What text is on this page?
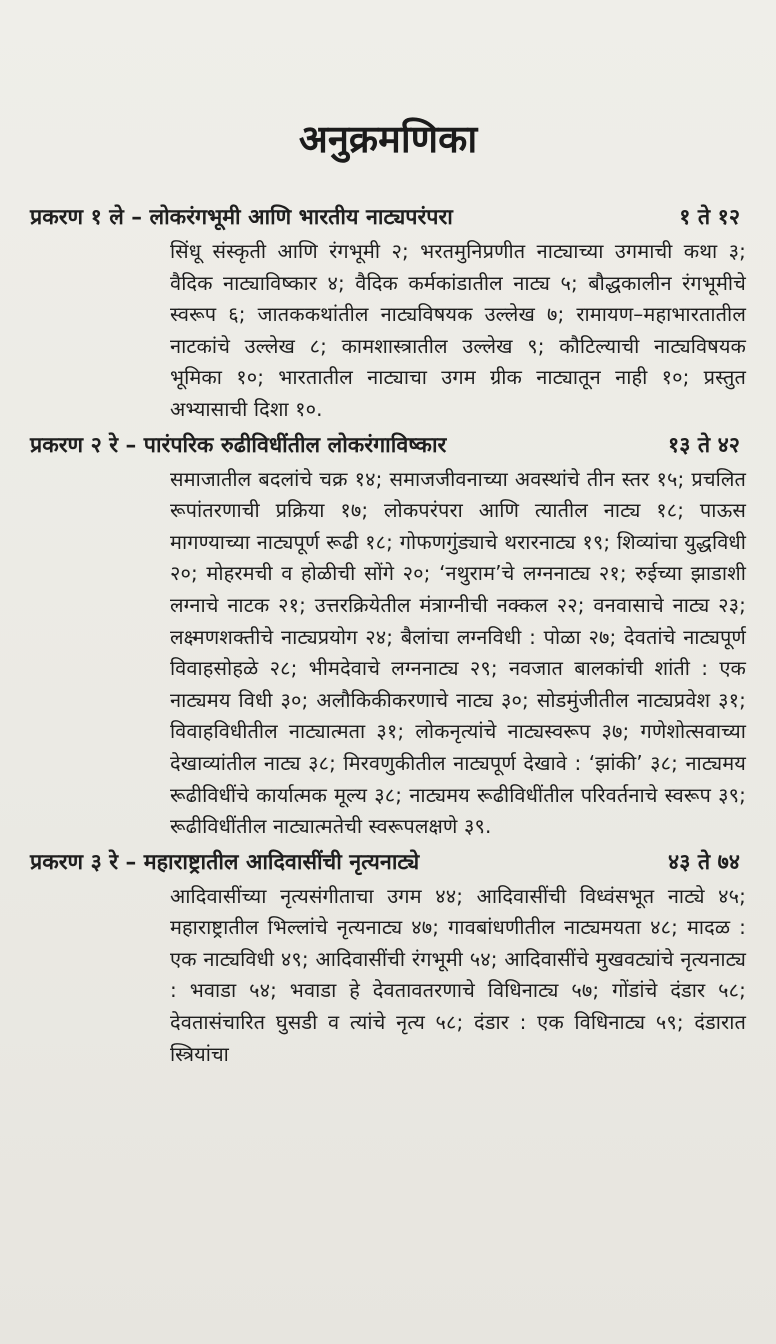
अनुक्रमणिका
प्रकरण १ ले – लोकरंगभूमी आणि भारतीय नाट्यपरंपरा	१ ते १२
सिंधू संस्कृती आणि रंगभूमी २; भरतमुनिप्रणीत नाट्याच्या उगमाची कथा ३; वैदिक नाट्याविष्कार ४; वैदिक कर्मकांडातील नाट्य ५; बौद्धकालीन रंगभूमीचे स्वरूप ६; जातककथांतील नाट्यविषयक उल्लेख ७; रामायण–महाभारतातील नाटकांचे उल्लेख ८; कामशास्त्रातील उल्लेख ९; कौटिल्याची नाट्यविषयक भूमिका १०; भारतातील नाट्याचा उगम ग्रीक नाट्यातून नाही १०; प्रस्तुत अभ्यासाची दिशा १०.
प्रकरण २ रे – पारंपरिक रुढीविधींतील लोकरंगाविष्कार	१३ ते ४२
समाजातील बदलांचे चक्र १४; समाजजीवनाच्या अवस्थांचे तीन स्तर १५; प्रचलित रूपांतरणाची प्रक्रिया १७; लोकपरंपरा आणि त्यातील नाट्य १८; पाऊस मागण्याच्या नाट्यपूर्ण रूढी १८; गोफणगुंड्याचे थरारनाट्य १९; शिव्यांचा युद्धविधी २०; मोहरमची व होळीची सोंगे २०; ‘नथुराम’चे लग्ननाट्य २१; रुईच्या झाडाशी लग्नाचे नाटक २१; उत्तरक्रियेतील मंत्राग्नीची नक्कल २२; वनवासाचे नाट्य २३; लक्ष्मणशक्तीचे नाट्यप्रयोग २४; बैलांचा लग्नविधी : पोळा २७; देवतांचे नाट्यपूर्ण विवाहसोहळे २८; भीमदेवाचे लग्ननाट्य २९; नवजात बालकांची शांती : एक नाट्यमय विधी ३०; अलौकिकीकरणाचे नाट्य ३०; सोडमुंजीतील नाट्यप्रवेश ३१; विवाहविधीतील नाट्यात्मता ३१; लोकनृत्यांचे नाट्यस्वरूप ३७; गणेशोत्सवाच्या देखाव्यांतील नाट्य ३८; मिरवणुकीतील नाट्यपूर्ण देखावे : ‘झांकी’ ३८; नाट्यमय रूढीविधींचे कार्यात्मक मूल्य ३८; नाट्यमय रूढीविधींतील परिवर्तनाचे स्वरूप ३९; रूढीविधींतील नाट्यात्मतेची स्वरूपलक्षणे ३९.
प्रकरण ३ रे – महाराष्ट्रातील आदिवासींची नृत्यनाट्ये	४३ ते ७४
आदिवासींच्या नृत्यसंगीताचा उगम ४४; आदिवासींची विध्वंसभूत नाट्ये ४५; महाराष्ट्रातील भिल्लांचे नृत्यनाट्य ४७; गावबांधणीतील नाट्यमयता ४८; मादळ : एक नाट्यविधी ४९; आदिवासींची रंगभूमी ५४; आदिवासींचे मुखवट्यांचे नृत्यनाट्य : भवाडा ५४; भवाडा हे देवतावतरणाचे विधिनाट्य ५७; गोंडांचे दंडार ५८; देवतासंचारित घुसडी व त्यांचे नृत्य ५८; दंडार : एक विधिनाट्य ५९; दंडारात स्त्रियांचा
